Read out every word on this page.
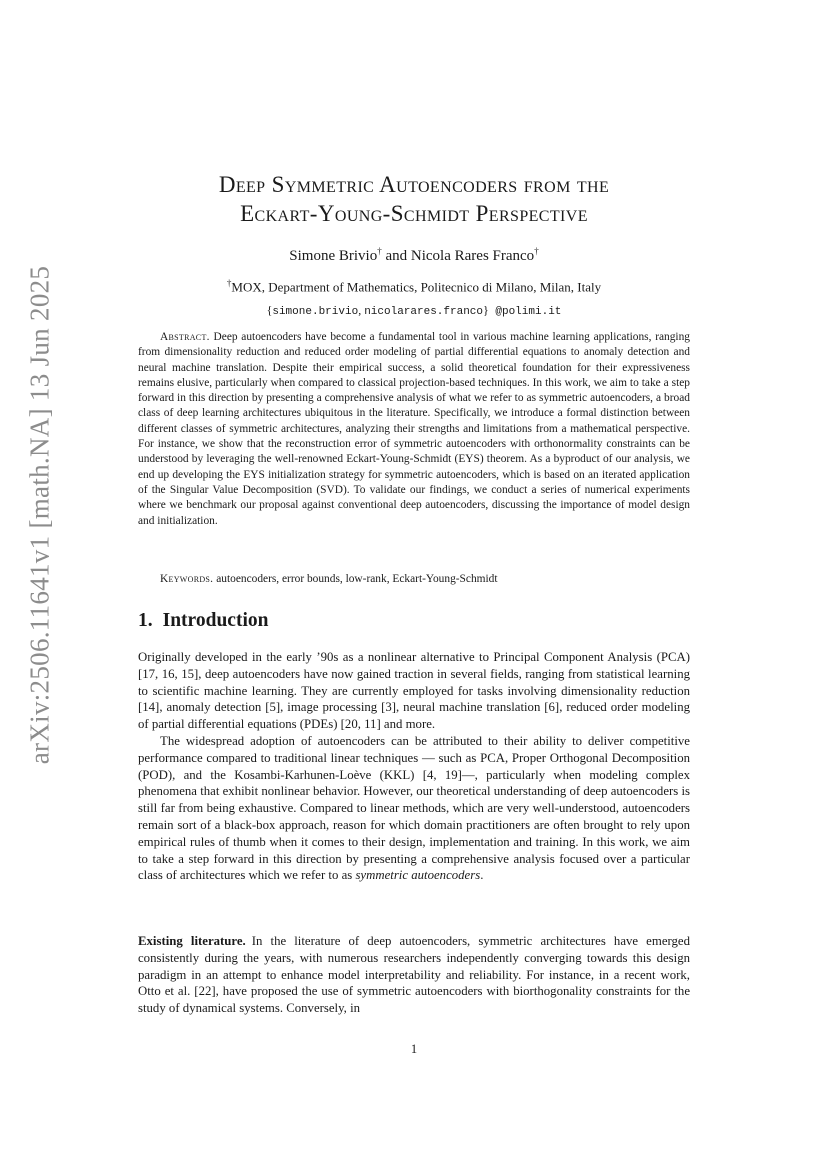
arXiv:2506.11641v1 [math.NA] 13 Jun 2025
Deep Symmetric Autoencoders from the
Eckart-Young-Schmidt Perspective
Simone Brivio† and Nicola Rares Franco†
†MOX, Department of Mathematics, Politecnico di Milano, Milan, Italy
{simone.brivio, nicolarares.franco} @polimi.it

Abstract. Deep autoencoders have become a fundamental tool in various machine learning applications, ranging from dimensionality reduction and reduced order modeling of partial differential equations to anomaly detection and neural machine translation. Despite their empirical success, a solid theoretical foundation for their expressiveness remains elusive, particularly when compared to classical projection-based techniques. In this work, we aim to take a step forward in this direction by presenting a comprehensive analysis of what we refer to as symmetric autoencoders, a broad class of deep learning architectures ubiquitous in the literature. Specifically, we introduce a formal distinction between different classes of symmetric architectures, analyzing their strengths and limitations from a mathematical perspective. For instance, we show that the reconstruction error of symmetric autoencoders with orthonormality constraints can be understood by leveraging the well-renowned Eckart-Young-Schmidt (EYS) theorem. As a byproduct of our analysis, we end up developing the EYS initialization strategy for symmetric autoencoders, which is based on an iterated application of the Singular Value Decomposition (SVD). To validate our findings, we conduct a series of numerical experiments where we benchmark our proposal against conventional deep autoencoders, discussing the importance of model design and initialization.

Keywords. autoencoders, error bounds, low-rank, Eckart-Young-Schmidt

1. Introduction

Originally developed in the early ’90s as a nonlinear alternative to Principal Component Analysis (PCA) [17, 16, 15], deep autoencoders have now gained traction in several fields, ranging from statistical learning to scientific machine learning. They are currently employed for tasks involving dimensionality reduction [14], anomaly detection [5], image processing [3], neural machine translation [6], reduced order modeling of partial differential equations (PDEs) [20, 11] and more.

The widespread adoption of autoencoders can be attributed to their ability to deliver competitive performance compared to traditional linear techniques — such as PCA, Proper Orthogonal Decomposition (POD), and the Kosambi-Karhunen-Loève (KKL) [4, 19]—, particularly when modeling complex phenomena that exhibit nonlinear behavior. However, our theoretical understanding of deep autoencoders is still far from being exhaustive. Compared to linear methods, which are very well-understood, autoencoders remain sort of a black-box approach, reason for which domain practitioners are often brought to rely upon empirical rules of thumb when it comes to their design, implementation and training. In this work, we aim to take a step forward in this direction by presenting a comprehensive analysis focused over a particular class of architectures which we refer to as symmetric autoencoders.

Existing literature. In the literature of deep autoencoders, symmetric architectures have emerged consistently during the years, with numerous researchers independently converging towards this design paradigm in an attempt to enhance model interpretability and reliability. For instance, in a recent work, Otto et al. [22], have proposed the use of symmetric autoencoders with biorthogonality constraints for the study of dynamical systems. Conversely, in

1
